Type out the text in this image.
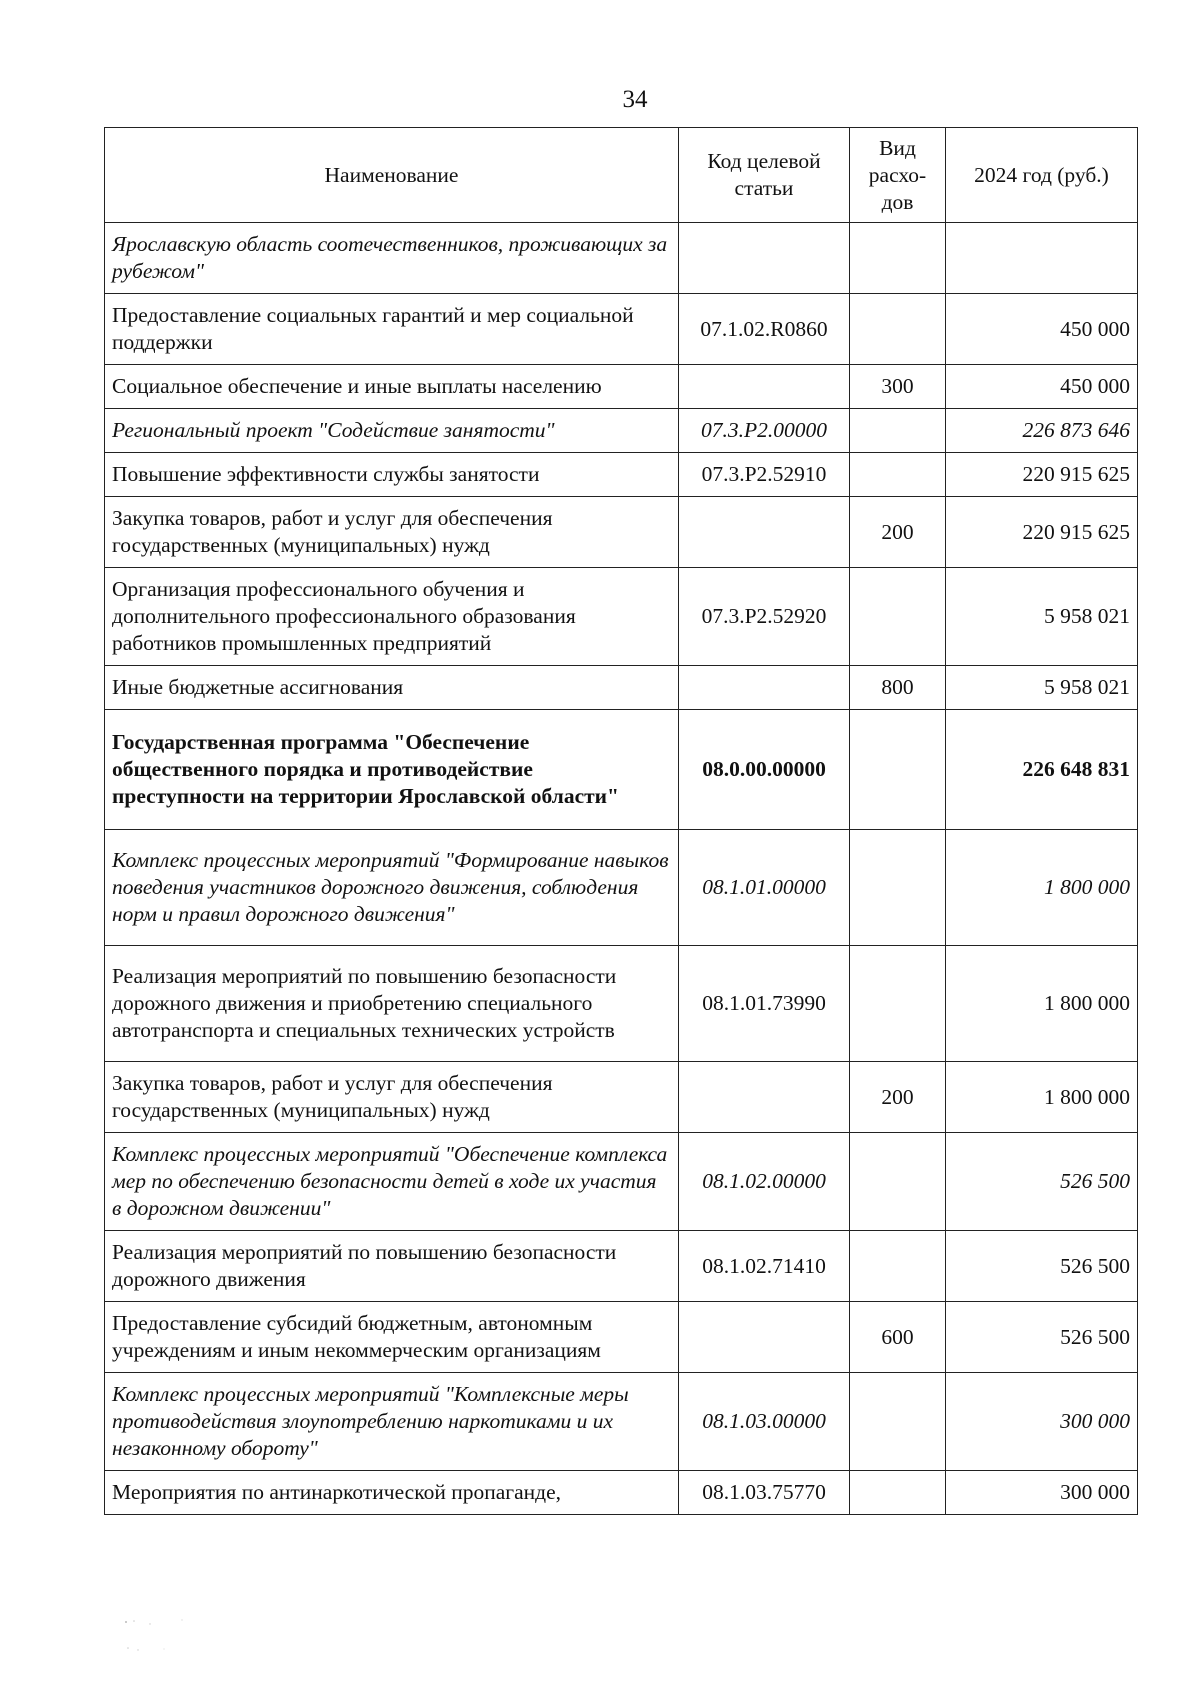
34
Наименование	Код целевой статьи	Вид расхо-дов	2024 год (руб.)
Ярославскую область соотечественников, проживающих за рубежом"			
Предоставление социальных гарантий и мер социальной поддержки	07.1.02.R0860		450 000
Социальное обеспечение и иные выплаты населению		300	450 000
Региональный проект "Содействие занятости"	07.3.P2.00000		226 873 646
Повышение эффективности службы занятости	07.3.P2.52910		220 915 625
Закупка товаров, работ и услуг для обеспечения государственных (муниципальных) нужд		200	220 915 625
Организация профессионального обучения и дополнительного профессионального образования работников промышленных предприятий	07.3.P2.52920		5 958 021
Иные бюджетные ассигнования		800	5 958 021
Государственная программа "Обеспечение общественного порядка и противодействие преступности на территории Ярославской области"	08.0.00.00000		226 648 831
Комплекс процессных мероприятий "Формирование навыков поведения участников дорожного движения, соблюдения норм и правил дорожного движения"	08.1.01.00000		1 800 000
Реализация мероприятий по повышению безопасности дорожного движения и приобретению специального автотранспорта и специальных технических устройств	08.1.01.73990		1 800 000
Закупка товаров, работ и услуг для обеспечения государственных (муниципальных) нужд		200	1 800 000
Комплекс процессных мероприятий "Обеспечение комплекса мер по обеспечению безопасности детей в ходе их участия в дорожном движении"	08.1.02.00000		526 500
Реализация мероприятий по повышению безопасности дорожного движения	08.1.02.71410		526 500
Предоставление субсидий бюджетным, автономным учреждениям и иным некоммерческим организациям		600	526 500
Комплекс процессных мероприятий "Комплексные меры противодействия злоупотреблению наркотиками и их незаконному обороту"	08.1.03.00000		300 000
Мероприятия по антинаркотической пропаганде,	08.1.03.75770		300 000
